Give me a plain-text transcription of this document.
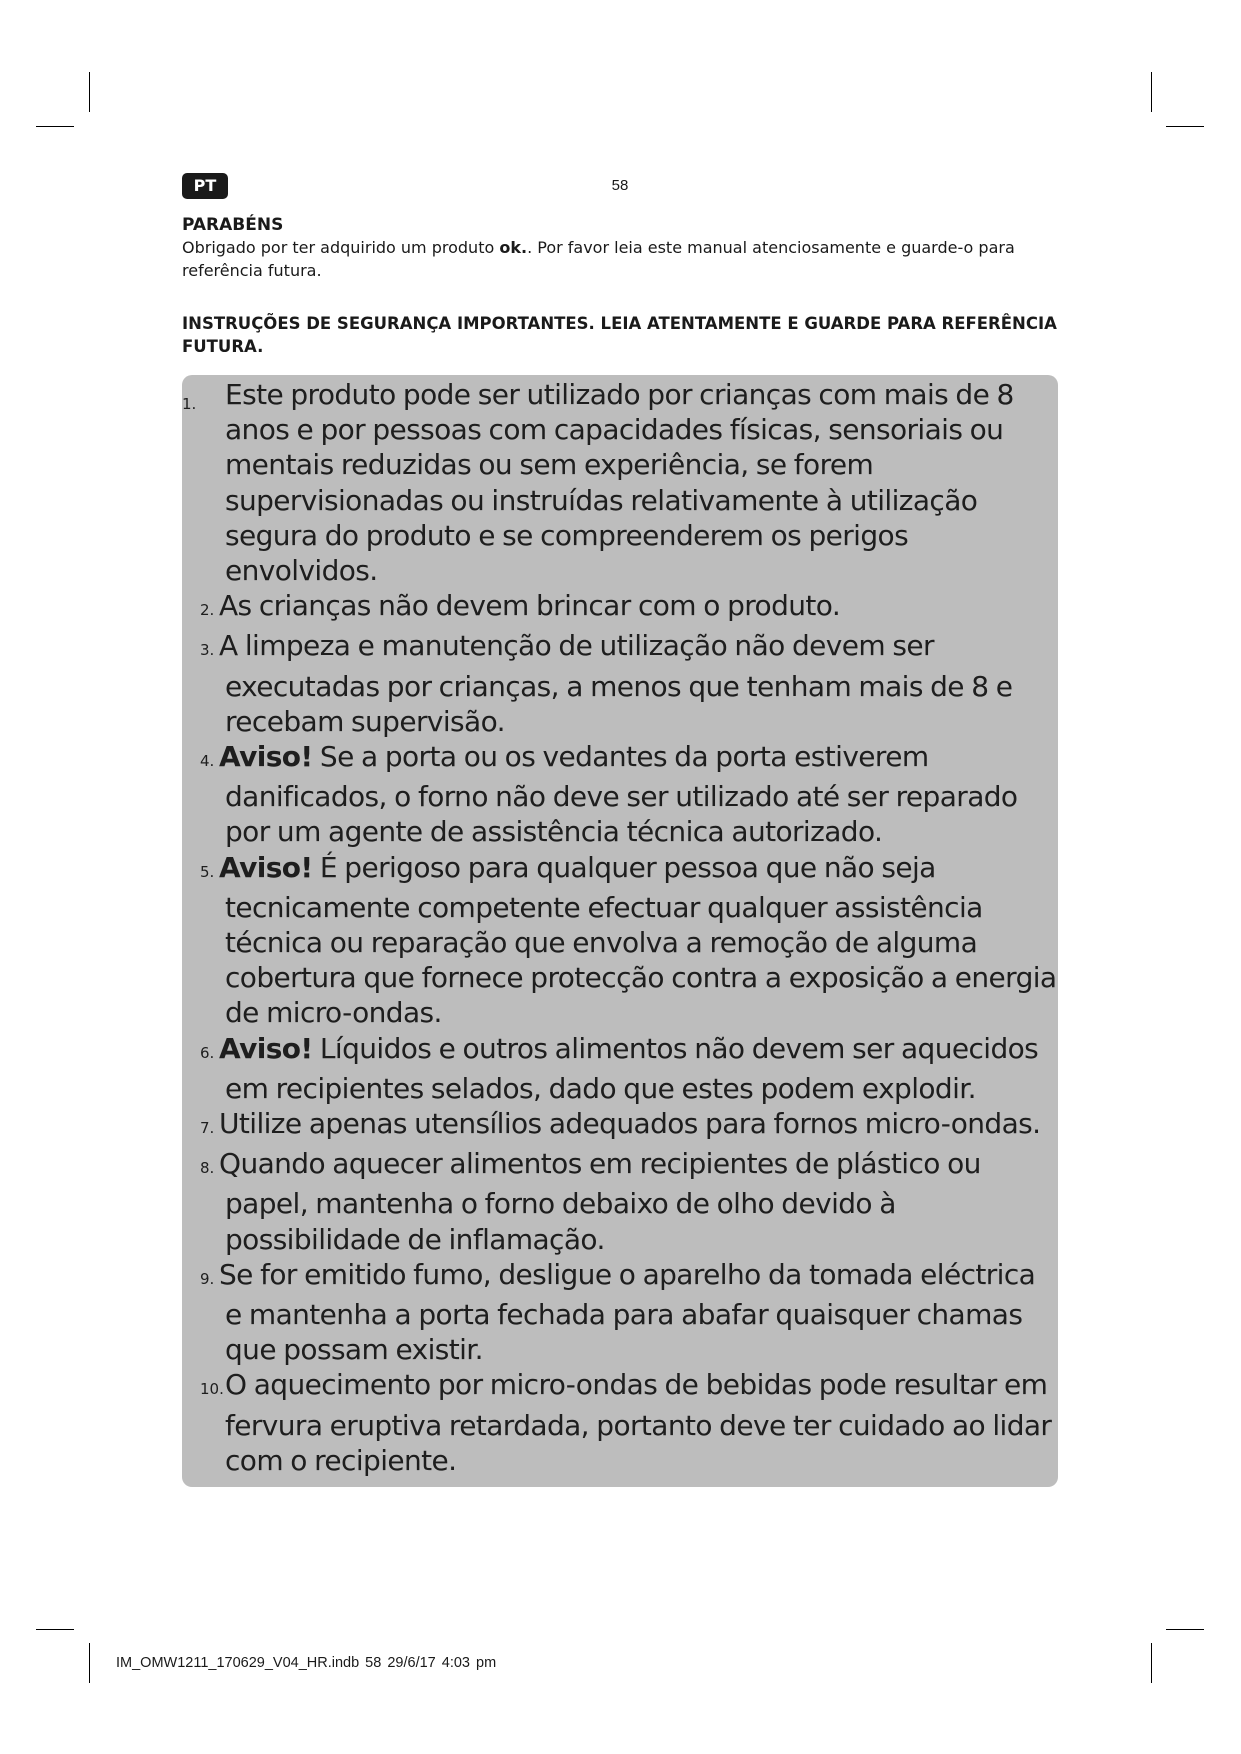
PT	58
PARABÉNS

Obrigado por ter adquirido um produto ok.. Por favor leia este manual atenciosamente e guarde-o para referência futura.

INSTRUÇÕES DE SEGURANÇA IMPORTANTES. LEIA ATENTAMENTE E GUARDE PARA REFERÊNCIA FUTURA.

1.	Este produto pode ser utilizado por crianças com mais de 8 anos e por pessoas com capacidades físicas, sensoriais ou mentais reduzidas ou sem experiência, se forem supervisionadas ou instruídas relativamente à utilização segura do produto e se compreenderem os perigos envolvidos.

2. As crianças não devem brincar com o produto.

3. A limpeza e manutenção de utilização não devem ser executadas por crianças, a menos que tenham mais de 8 e recebam supervisão.

4. Aviso! Se a porta ou os vedantes da porta estiverem danificados, o forno não deve ser utilizado até ser reparado por um agente de assistência técnica autorizado.

5. Aviso! É perigoso para qualquer pessoa que não seja tecnicamente competente efectuar qualquer assistência técnica ou reparação que envolva a remoção de alguma cobertura que fornece protecção contra a exposição a energia de micro-ondas.

6. Aviso! Líquidos e outros alimentos não devem ser aquecidos em recipientes selados, dado que estes podem explodir.

7. Utilize apenas utensílios adequados para fornos micro-ondas.

8. Quando aquecer alimentos em recipientes de plástico ou papel, mantenha o forno debaixo de olho devido à possibilidade de inflamação.

9. Se for emitido fumo, desligue o aparelho da tomada eléctrica e mantenha a porta fechada para abafar quaisquer chamas que possam existir.

10.O aquecimento por micro-ondas de bebidas pode resultar em fervura eruptiva retardada, portanto deve ter cuidado ao lidar com o recipiente.

IM_OMW1211_170629_V04_HR.indb 58 29/6/17 4:03 pm
